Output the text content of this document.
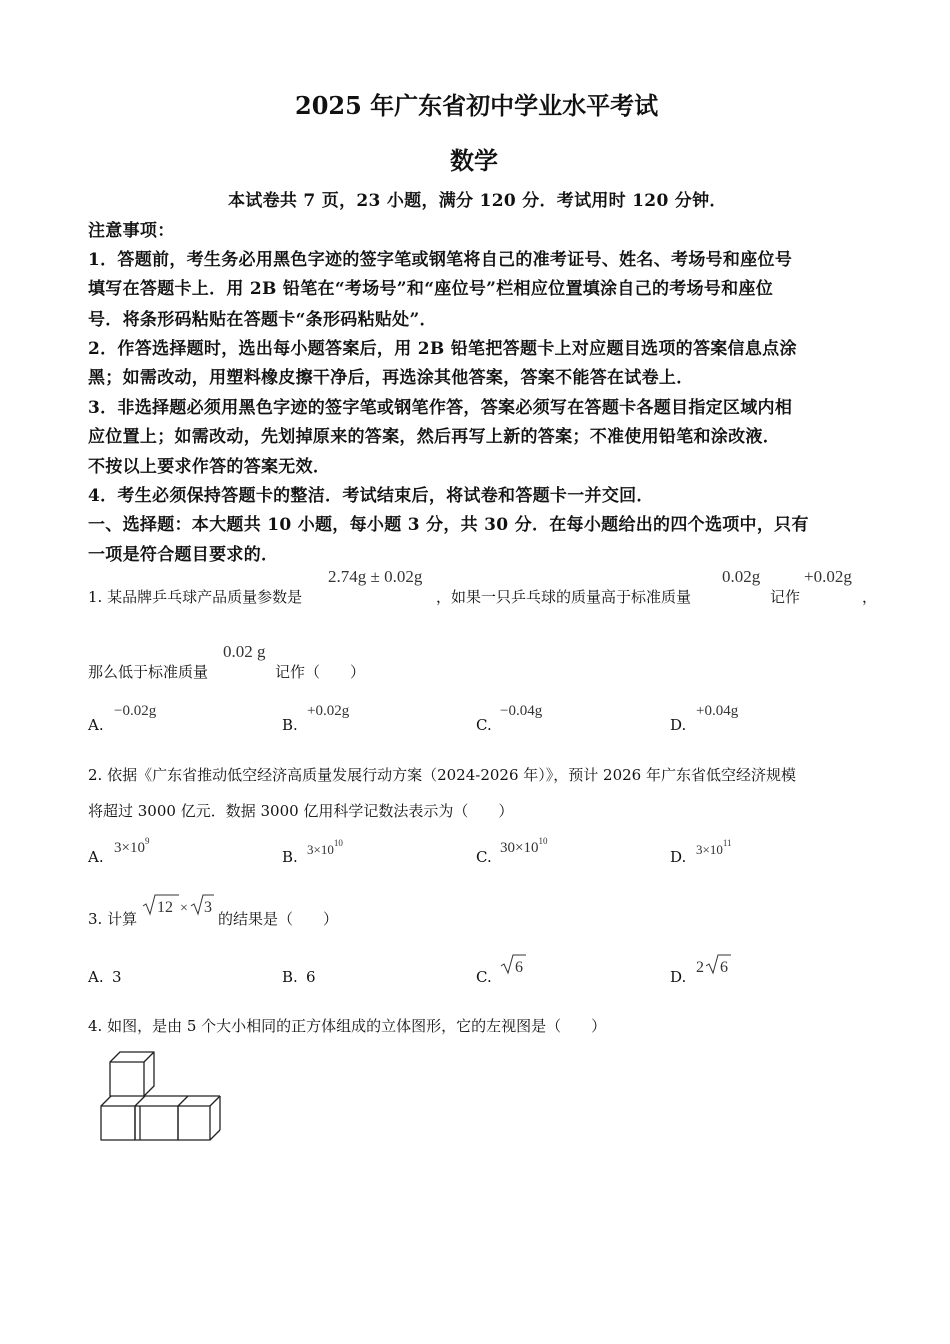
2025 年广东省初中学业水平考试
数学
本试卷共 7 页，23 小题，满分 120 分．考试用时 120 分钟．
注意事项：
1．答题前，考生务必用黑色字迹的签字笔或钢笔将自己的准考证号、姓名、考场号和座位号
填写在答题卡上．用 2B 铅笔在“考场号”和“座位号”栏相应位置填涂自己的考场号和座位
号．将条形码粘贴在答题卡“条形码粘贴处”．
2．作答选择题时，选出每小题答案后，用 2B 铅笔把答题卡上对应题目选项的答案信息点涂
黑；如需改动，用塑料橡皮擦干净后，再选涂其他答案，答案不能答在试卷上．
3．非选择题必须用黑色字迹的签字笔或钢笔作答，答案必须写在答题卡各题目指定区域内相
应位置上；如需改动，先划掉原来的答案，然后再写上新的答案；不准使用铅笔和涂改液．
不按以上要求作答的答案无效．
4．考生必须保持答题卡的整洁．考试结束后，将试卷和答题卡一并交回．
一、选择题：本大题共 10 小题，每小题 3 分，共 30 分．在每小题给出的四个选项中，只有
一项是符合题目要求的．
1. 某品牌乒乓球产品质量参数是
2.74g ± 0.02g
，如果一只乒乓球的质量高于标准质量
0.02g
记作
+0.02g
，
那么低于标准质量
0.02 g
记作（　　）
A.
−0.02g
B.
+0.02g
C.
−0.04g
D.
+0.04g
2. 依据《广东省推动低空经济高质量发展行动方案（2024-2026 年）》，预计 2026 年广东省低空经济规模
将超过 3000 亿元．数据 3000 亿用科学记数法表示为（　　）
A. $3\times 10^9$
B. $3\times 10^{10}$
C. $30\times 10^{10}$
D. $3\times 10^{11}$
3. 计算
12 × 3
的结果是（　　）
A. 3	B. 6	C.
6
D.
2 6
4. 如图，是由 5 个大小相同的正方体组成的立体图形，它的左视图是（　　）
